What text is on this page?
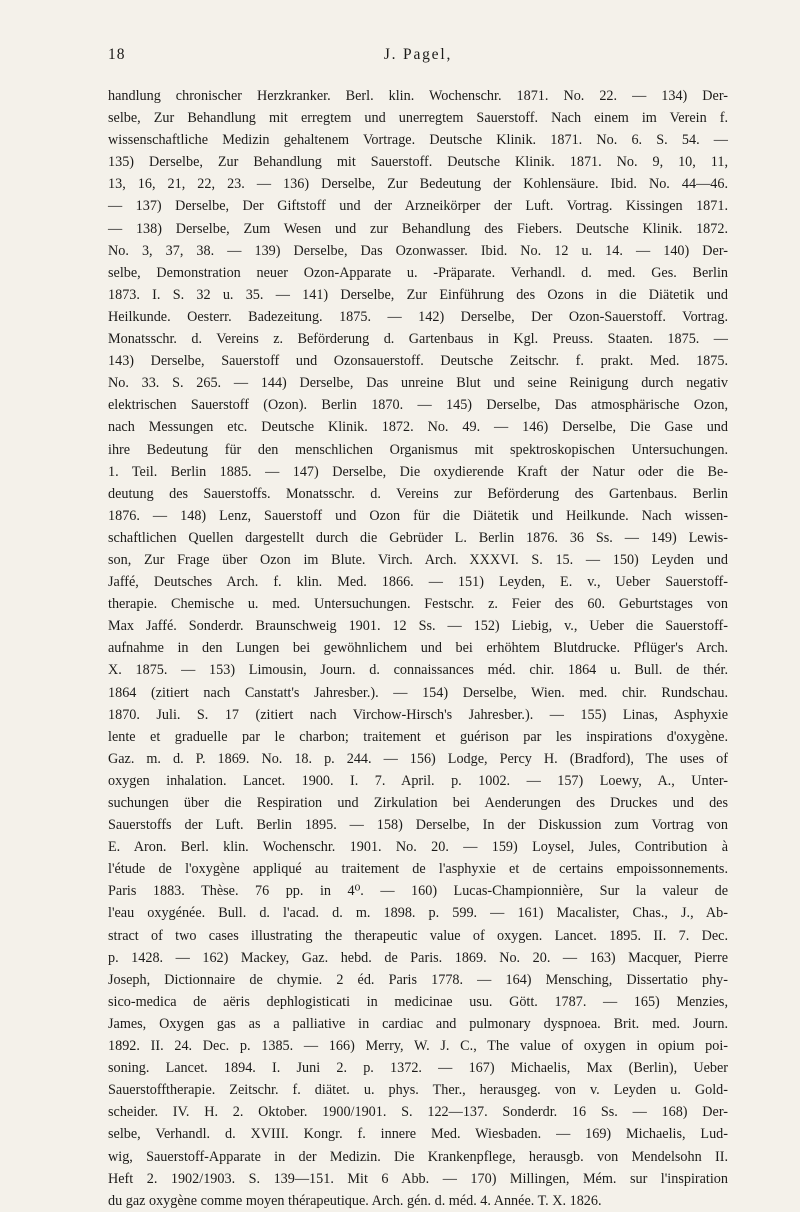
18	J. Pagel,
handlung chronischer Herzkranker. Berl. klin. Wochenschr. 1871. No. 22. — 134) Der-
selbe, Zur Behandlung mit erregtem und unerregtem Sauerstoff. Nach einem im Verein f.
wissenschaftliche Medizin gehaltenem Vortrage. Deutsche Klinik. 1871. No. 6. S. 54. —
135) Derselbe, Zur Behandlung mit Sauerstoff. Deutsche Klinik. 1871. No. 9, 10, 11,
13, 16, 21, 22, 23. — 136) Derselbe, Zur Bedeutung der Kohlensäure. Ibid. No. 44—46.
— 137) Derselbe, Der Giftstoff und der Arzneikörper der Luft. Vortrag. Kissingen 1871.
— 138) Derselbe, Zum Wesen und zur Behandlung des Fiebers. Deutsche Klinik. 1872.
No. 3, 37, 38. — 139) Derselbe, Das Ozonwasser. Ibid. No. 12 u. 14. — 140) Der-
selbe, Demonstration neuer Ozon-Apparate u. -Präparate. Verhandl. d. med. Ges. Berlin
1873. I. S. 32 u. 35. — 141) Derselbe, Zur Einführung des Ozons in die Diätetik und
Heilkunde. Oesterr. Badezeitung. 1875. — 142) Derselbe, Der Ozon-Sauerstoff. Vortrag.
Monatsschr. d. Vereins z. Beförderung d. Gartenbaus in Kgl. Preuss. Staaten. 1875. —
143) Derselbe, Sauerstoff und Ozonsauerstoff. Deutsche Zeitschr. f. prakt. Med. 1875.
No. 33. S. 265. — 144) Derselbe, Das unreine Blut und seine Reinigung durch negativ
elektrischen Sauerstoff (Ozon). Berlin 1870. — 145) Derselbe, Das atmosphärische Ozon,
nach Messungen etc. Deutsche Klinik. 1872. No. 49. — 146) Derselbe, Die Gase und
ihre Bedeutung für den menschlichen Organismus mit spektroskopischen Untersuchungen.
1. Teil. Berlin 1885. — 147) Derselbe, Die oxydierende Kraft der Natur oder die Be-
deutung des Sauerstoffs. Monatsschr. d. Vereins zur Beförderung des Gartenbaus. Berlin
1876. — 148) Lenz, Sauerstoff und Ozon für die Diätetik und Heilkunde. Nach wissen-
schaftlichen Quellen dargestellt durch die Gebrüder L. Berlin 1876. 36 Ss. — 149) Lewis-
son, Zur Frage über Ozon im Blute. Virch. Arch. XXXVI. S. 15. — 150) Leyden und
Jaffé, Deutsches Arch. f. klin. Med. 1866. — 151) Leyden, E. v., Ueber Sauerstoff-
therapie. Chemische u. med. Untersuchungen. Festschr. z. Feier des 60. Geburtstages von
Max Jaffé. Sonderdr. Braunschweig 1901. 12 Ss. — 152) Liebig, v., Ueber die Sauerstoff-
aufnahme in den Lungen bei gewöhnlichem und bei erhöhtem Blutdrucke. Pflüger's Arch.
X. 1875. — 153) Limousin, Journ. d. connaissances méd. chir. 1864 u. Bull. de thér.
1864 (zitiert nach Canstatt's Jahresber.). — 154) Derselbe, Wien. med. chir. Rundschau.
1870. Juli. S. 17 (zitiert nach Virchow-Hirsch's Jahresber.). — 155) Linas, Asphyxie
lente et graduelle par le charbon; traitement et guérison par les inspirations d'oxygène.
Gaz. m. d. P. 1869. No. 18. p. 244. — 156) Lodge, Percy H. (Bradford), The uses of
oxygen inhalation. Lancet. 1900. I. 7. April. p. 1002. — 157) Loewy, A., Unter-
suchungen über die Respiration und Zirkulation bei Aenderungen des Druckes und des
Sauerstoffs der Luft. Berlin 1895. — 158) Derselbe, In der Diskussion zum Vortrag von
E. Aron. Berl. klin. Wochenschr. 1901. No. 20. — 159) Loysel, Jules, Contribution à
l'étude de l'oxygène appliqué au traitement de l'asphyxie et de certains empoissonnements.
Paris 1883. Thèse. 76 pp. in 4⁰. — 160) Lucas-Championnière, Sur la valeur de
l'eau oxygénée. Bull. d. l'acad. d. m. 1898. p. 599. — 161) Macalister, Chas., J., Ab-
stract of two cases illustrating the therapeutic value of oxygen. Lancet. 1895. II. 7. Dec.
p. 1428. — 162) Mackey, Gaz. hebd. de Paris. 1869. No. 20. — 163) Macquer, Pierre
Joseph, Dictionnaire de chymie. 2 éd. Paris 1778. — 164) Mensching, Dissertatio phy-
sico-medica de aëris dephlogisticati in medicinae usu. Gött. 1787. — 165) Menzies,
James, Oxygen gas as a palliative in cardiac and pulmonary dyspnoea. Brit. med. Journ.
1892. II. 24. Dec. p. 1385. — 166) Merry, W. J. C., The value of oxygen in opium poi-
soning. Lancet. 1894. I. Juni 2. p. 1372. — 167) Michaelis, Max (Berlin), Ueber
Sauerstofftherapie. Zeitschr. f. diätet. u. phys. Ther., herausgeg. von v. Leyden u. Gold-
scheider. IV. H. 2. Oktober. 1900/1901. S. 122—137. Sonderdr. 16 Ss. — 168) Der-
selbe, Verhandl. d. XVIII. Kongr. f. innere Med. Wiesbaden. — 169) Michaelis, Lud-
wig, Sauerstoff-Apparate in der Medizin. Die Krankenpflege, herausgb. von Mendelsohn II.
Heft 2. 1902/1903. S. 139—151. Mit 6 Abb. — 170) Millingen, Mém. sur l'inspiration
du gaz oxygène comme moyen thérapeutique. Arch. gén. d. méd. 4. Année. T. X. 1826.
